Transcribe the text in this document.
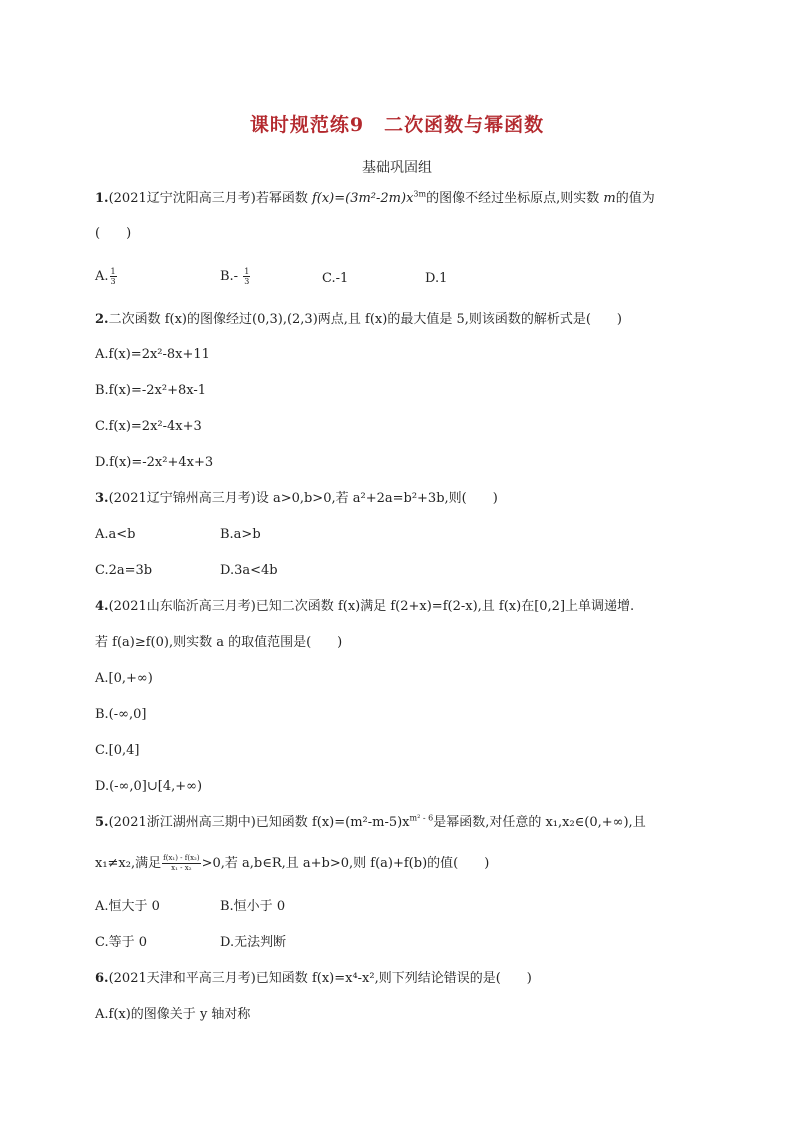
课时规范练9　二次函数与幂函数
基础巩固组
1.(2021辽宁沈阳高三月考)若幂函数 $f(x)=(3m^2-2m)x^{3m}$的图像不经过坐标原点,则实数 m的值为
(　　)
A. $\frac{1}{3}$	$B.- \frac{1}{3}$	C.-1	D.1
2.二次函数 f(x)的图像经过(0,3),(2,3)两点,且 f(x)的最大值是 5,则该函数的解析式是(　　)
A.f(x)=2x²-8x+11
B.f(x)=-2x²+8x-1
C.f(x)=2x²-4x+3
D.f(x)=-2x²+4x+3
3.(2021辽宁锦州高三月考)设 a>0,b>0,若 a²+2a=b²+3b,则(　　)
A.a<b	B.a>b
C.2a=3b	D.3a<4b
4.(2021山东临沂高三月考)已知二次函数 f(x)满足 f(2+x)=f(2-x),且 f(x)在[0,2]上单调递增.
若 f(a)≥f(0),则实数 a 的取值范围是(　　)
A.[0,+∞)
B.(-∞,0]
C.[0,4]
D.(-∞,0]∪[4,+∞)
5.(2021浙江湖州高三期中)已知函数 $f(x)=(m^2-m-5)x^{m^2 - 6}$是幂函数,对任意的 x₁,x₂∈(0,+∞),且
x₁≠x₂,满足 $\frac{\text{f(x₁) - f(x₂)}}{\text{x₁ - x₂}} >0$,若 a,b∈R,且 a+b>0,则 f(a)+f(b)的值(　　)
A.恒大于 0	B.恒小于 0
C.等于 0	D.无法判断
6.(2021天津和平高三月考)已知函数 f(x)=x⁴-x²,则下列结论错误的是(　　)
A.f(x)的图像关于 y 轴对称
